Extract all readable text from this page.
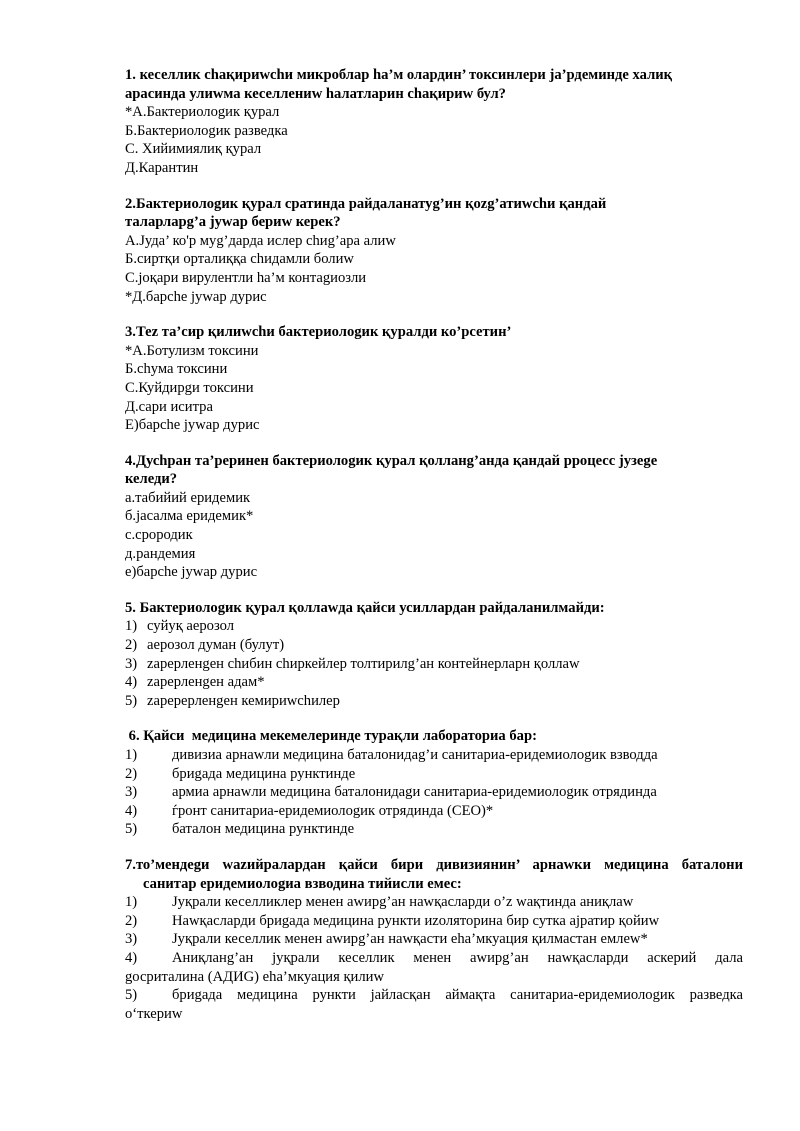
1. кеселлик сhақириwсhи микроблар hа’м олардин’ токсинлери ја’рдеминде халиқ
арасинда улиwма кеселлениw hалатларин сhақириw бул?
*А.Бактериолоgик қурал
Б.Бактериолоgик разведка
С. Хийимиялиқ қурал
Д.Карантин
2.Бактериолоgик қурал сратинда райдаланатуg’ин қozg’атиwсhи қандай
таларларg’а јуwар бериw керек?
А.Јуда’ ко'р муg’дарда ислер сhиg’ара алиw
Б.сиртқи орталиққа сhидамли болиw
С.јоқари вирулентли hа’м контаgиозли
*Д.барсhе јуwар дурис
3.Теz та’сир қилиwсhи бактериолоgик қуралди ко’рсетин’
*А.Ботулизм токсини
Б.сhума токсини
С.Куйдирgи токсини
Д.сари иситра
Е)барсhе јуwар дурис
4.Дусhран та’реринен бактериолоgик қурал қолланg’анда қандай рроцесс јузеgе
келеди?
а.табийий еридемик
б.јасалма еридемик*
с.срородик
д.рандемия
е)барсhе јуwар дурис
5. Бактериолоgик қурал қоллаwда қайси усиллардан райдаланилмайди:
1) суйуқ аерозол
2) аерозол думан (булут)
3) zарерленgен сhибин сhиркейлер толтирилg’ан контейнерларн қоллаw
4) zарерленgен адам*
5) zаререрленgен кемириwсhилер
6. Қайси  медицина мекемелеринде турақли лабораториа бар:
1)	дивизиа арнаwли медицина баталонидаg’и санитариа-еридемиолоgик взводда
2)	бриgада медицина рунктинде
3)	армиа арнаwли медицина баталонидаgи санитариа-еридемиолоgик отрядинда
4)	ѓронт санитариа-еридемиолоgик отрядинда (СЕО)*
5)	баталон медицина рунктинде
7.то’мендеgи wazийралардан қайси бири дивизиянин’ арнаwки медицина баталони
санитар еридемиолоgиа взводина тийисли емес:
1)	Јуқрали кеселликлер менен аwирg’ан наwқасларди о’z waқтинда аниқлаw
2)	Наwқасларди бриgада медицина рункти иzоляторина бир сутка ајратир қойиw
3)	Јуқрали кеселлик менен аwирg’ан наwқасти еhа’мкуация қилмастан емлеw*
4)	Аниқланg’ан јуқрали кеселлик менен аwирg’ан наwқасларди аскерий дала
gосриталина (АДИG) еhа’мкуация қилиw
5)	бриgада медицина рункти јайласқан аймақта санитариа-еридемиолоgик разведка
о‘ткериw
